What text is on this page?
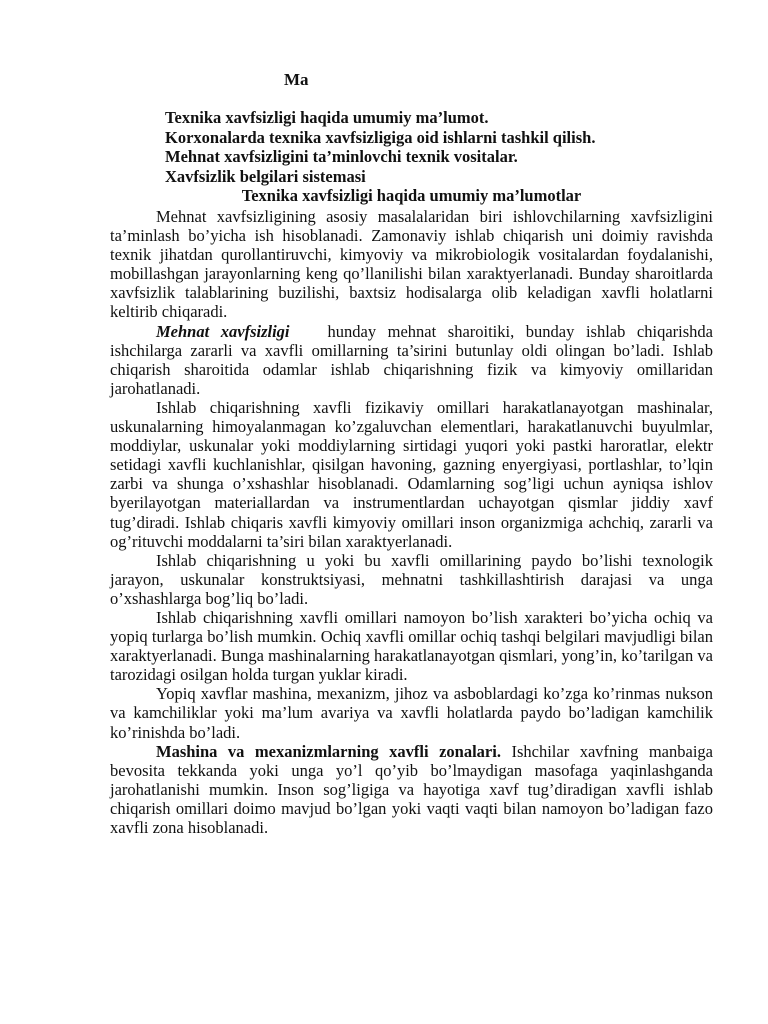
Ma
Texnika xavfsizligi haqida umumiy ma’lumot.
Korxonalarda texnika xavfsizligiga oid ishlarni tashkil qilish.
Mehnat xavfsizligini ta’minlovchi texnik vositalar.
Xavfsizlik belgilari sistemasi
Texnika xavfsizligi haqida umumiy ma’lumotlar

Mehnat xavfsizligining asosiy masalalaridan biri ishlovchilarning xavfsizligini ta’minlash bo’yicha ish hisoblanadi. Zamonaviy ishlab chiqarish uni doimiy ravishda texnik jihatdan qurollantiruvchi, kimyoviy va mikrobiologik vositalardan foydalanishi, mobillashgan jarayonlarning keng qo’llanilishi bilan xaraktyerlanadi. Bunday sharoitlarda xavfsizlik talablarining buzilishi, baxtsiz hodisalarga olib keladigan xavfli holatlarni keltirib chiqaradi.

Mehnat xavfsizligi hunday mehnat sharoitiki, bunday ishlab chiqarishda ishchilarga zararli va xavfli omillarning ta’sirini butunlay oldi olingan bo’ladi. Ishlab chiqarish sharoitida odamlar ishlab chiqarishning fizik va kimyoviy omillaridan jarohatlanadi.

Ishlab chiqarishning xavfli fizikaviy omillari harakatlanayotgan mashinalar, uskunalarning himoyalanmagan ko’zgaluvchan elementlari, harakatlanuvchi buyulmlar, moddiylar, uskunalar yoki moddiylarning sirtidagi yuqori yoki pastki haroratlar, elektr setidagi xavfli kuchlanishlar, qisilgan havoning, gazning enyergiyasi, portlashlar, to’lqin zarbi va shunga o’xshashlar hisoblanadi. Odamlarning sog’ligi uchun ayniqsa ishlov byerilayotgan materiallardan va instrumentlardan uchayotgan qismlar jiddiy xavf tug’diradi. Ishlab chiqaris xavfli kimyoviy omillari inson organizmiga achchiq, zararli va og’rituvchi moddalarni ta’siri bilan xaraktyerlanadi.

Ishlab chiqarishning u yoki bu xavfli omillarining paydo bo’lishi texnologik jarayon, uskunalar konstruktsiyasi, mehnatni tashkillashtirish darajasi va unga o’xshashlarga bog’liq bo’ladi.

Ishlab chiqarishning xavfli omillari namoyon bo’lish xarakteri bo’yicha ochiq va yopiq turlarga bo’lish mumkin. Ochiq xavfli omillar ochiq tashqi belgilari mavjudligi bilan xaraktyerlanadi. Bunga mashinalarning harakatlanayotgan qismlari, yong’in, ko’tarilgan va tarozidagi osilgan holda turgan yuklar kiradi.

Yopiq xavflar mashina, mexanizm, jihoz va asboblardagi ko’zga ko’rinmas nukson va kamchiliklar yoki ma’lum avariya va xavfli holatlarda paydo bo’ladigan kamchilik ko’rinishda bo’ladi.

Mashina va mexanizmlarning xavfli zonalari. Ishchilar xavfning manbaiga bevosita tekkanda yoki unga yo’l qo’yib bo’lmaydigan masofaga yaqinlashganda jarohatlanishi mumkin. Inson sog’ligiga va hayotiga xavf tug’diradigan xavfli ishlab chiqarish omillari doimo mavjud bo’lgan yoki vaqti vaqti bilan namoyon bo’ladigan fazo xavfli zona hisoblanadi.
